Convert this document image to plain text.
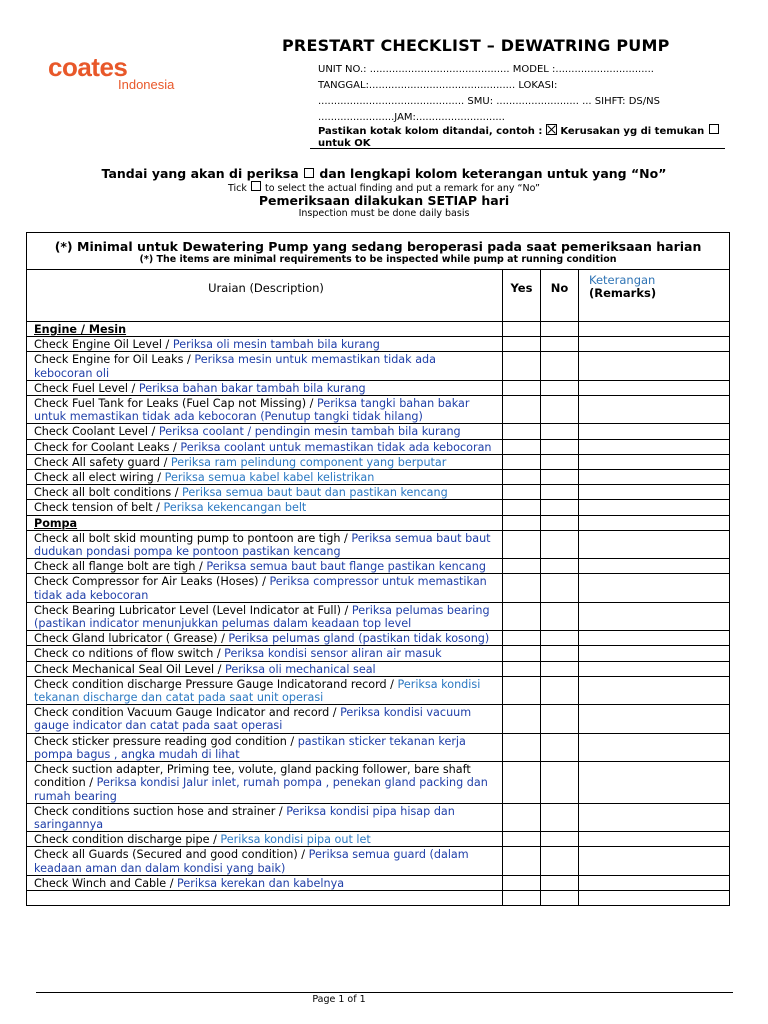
coates
Indonesia
PRESTART CHECKLIST – DEWATRING PUMP
UNIT NO.: ............................................ MODEL :...............................
TANGGAL:.............................................. LOKASI:
.............................................. SMU: .......................... ... SIHFT: DS/NS
........................JAM:............................
Pastikan kotak kolom ditandai, contoh : Kerusakan yg di temukan
untuk OK
Tandai yang akan di periksa dan lengkapi kolom keterangan untuk yang “No”
Tick to select the actual finding and put a remark for any “No”
Pemeriksaan dilakukan SETIAP hari
Inspection must be done daily basis
(*) Minimal untuk Dewatering Pump yang sedang beroperasi pada saat pemeriksaan harian
(*) The items are minimal requirements to be inspected while pump at running condition			

Uraian (Description)	Yes	No	Keterangan
(Remarks)
Engine / Mesin			
Check Engine Oil Level / Periksa oli mesin tambah bila kurang			
Check Engine for Oil Leaks / Periksa mesin untuk memastikan tidak ada kebocoran oli			
Check Fuel Level / Periksa bahan bakar tambah bila kurang			
Check Fuel Tank for Leaks (Fuel Cap not Missing) / Periksa tangki bahan bakar untuk memastikan tidak ada kebocoran (Penutup tangki tidak hilang)			
Check Coolant Level / Periksa coolant / pendingin mesin tambah bila kurang			
Check for Coolant Leaks / Periksa coolant untuk memastikan tidak ada kebocoran			
Check All safety guard / Periksa ram pelindung component yang berputar			
Check all elect wiring / Periksa semua kabel kabel kelistrikan			
Check all bolt conditions / Periksa semua baut baut dan pastikan kencang			
Check tension of belt / Periksa kekencangan belt			
Pompa			
Check all bolt skid mounting pump to pontoon are tigh / Periksa semua baut baut dudukan pondasi pompa ke pontoon pastikan kencang			
Check all flange bolt are tigh / Periksa semua baut baut flange pastikan kencang			
Check Compressor for Air Leaks (Hoses) / Periksa compressor untuk memastikan tidak ada kebocoran			
Check Bearing Lubricator Level (Level Indicator at Full) / Periksa pelumas bearing (pastikan indicator menunjukkan pelumas dalam keadaan top level			
Check Gland lubricator ( Grease) / Periksa pelumas gland (pastikan tidak kosong)			
Check co nditions of flow switch / Periksa kondisi sensor aliran air masuk			
Check Mechanical Seal Oil Level / Periksa oli mechanical seal			
Check condition discharge Pressure Gauge Indicatorand record / Periksa kondisi tekanan discharge dan catat pada saat unit operasi			
Check condition Vacuum Gauge Indicator and record / Periksa kondisi vacuum gauge indicator dan catat pada saat operasi			
Check sticker pressure reading god condition / pastikan sticker tekanan kerja pompa bagus , angka mudah di lihat			
Check suction adapter, Priming tee, volute, gland packing follower, bare shaft condition / Periksa kondisi Jalur inlet, rumah pompa , penekan gland packing dan rumah bearing			
Check conditions suction hose and strainer / Periksa kondisi pipa hisap dan saringannya			
Check condition discharge pipe / Periksa kondisi pipa out let			
Check all Guards (Secured and good condition) / Periksa semua guard (dalam keadaan aman dan dalam kondisi yang baik)			
Check Winch and Cable / Periksa kerekan dan kabelnya			

Page 1 of 1
